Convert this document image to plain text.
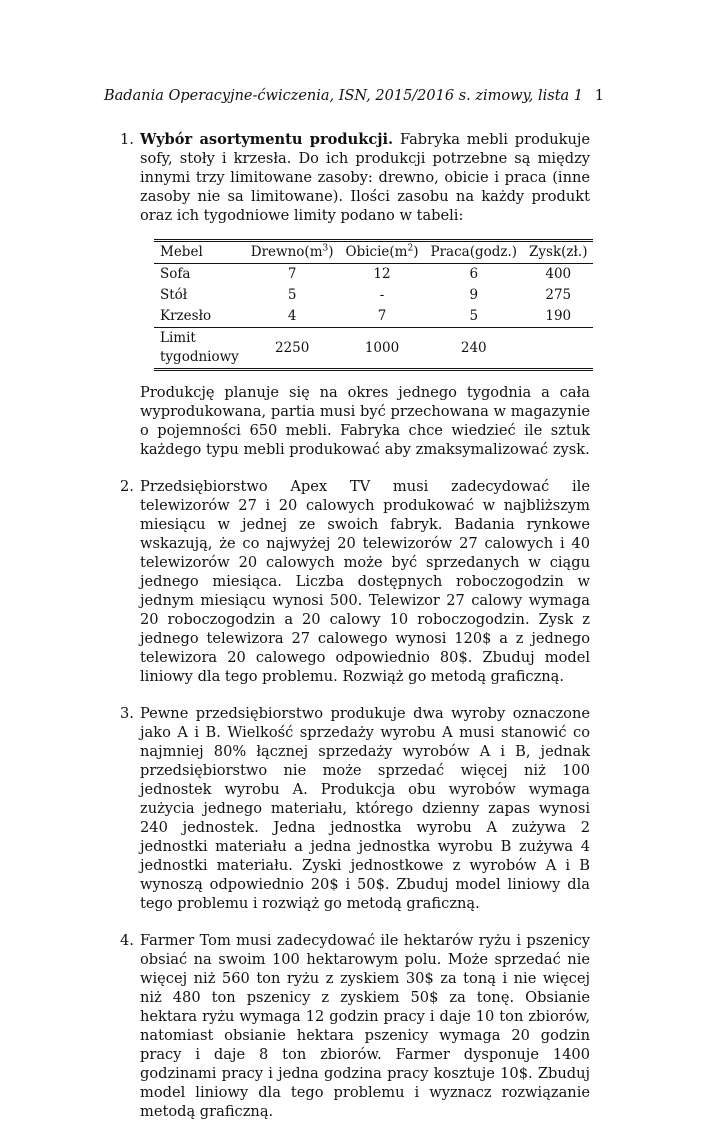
Badania Operacyjne-ćwiczenia, ISN, 2015/2016 s. zimowy, lista 1 1
1. Wybór asortymentu produkcji. Fabryka mebli produkuje sofy, stoły i krzesła. Do ich produkcji potrzebne są między innymi trzy limitowane zasoby: drewno, obicie i praca (inne zasoby nie sa limitowane). Ilości zasobu na każdy produkt oraz ich tygodniowe limity podano w tabeli:

Mebel	$Drewno(m^3)$	$Obicie(m^2)$	Praca(godz.)	Zysk(zł.)
Sofa	7	12	6	400
Stół	5	-	9	275
Krzesło	4	7	5	190
Limit tygodniowy	2250	1000	240	

Produkcję planuje się na okres jednego tygodnia a cała wyprodukowana, partia musi być przechowana w magazynie o pojemności 650 mebli. Fabryka chce wiedzieć ile sztuk każdego typu mebli produkować aby zmaksymalizować zysk.

2. Przedsiębiorstwo Apex TV musi zadecydować ile telewizorów 27 i 20 calowych produkować w najbliższym miesiącu w jednej ze swoich fabryk. Badania rynkowe wskazują, że co najwyżej 20 telewizorów 27 calowych i 40 telewizorów 20 calowych może być sprzedanych w ciągu jednego miesiąca. Liczba dostępnych roboczogodzin w jednym miesiącu wynosi 500. Telewizor 27 calowy wymaga 20 roboczogodzin a 20 calowy 10 roboczogodzin. Zysk z jednego telewizora 27 calowego wynosi 120$ a z jednego telewizora 20 calowego odpowiednio 80$. Zbuduj model liniowy dla tego problemu. Rozwiąż go metodą graficzną.

3. Pewne przedsiębiorstwo produkuje dwa wyroby oznaczone jako A i B. Wielkość sprzedaży wyrobu A musi stanowić co najmniej 80% łącznej sprzedaży wyrobów A i B, jednak przedsiębiorstwo nie może sprzedać więcej niż 100 jednostek wyrobu A. Produkcja obu wyrobów wymaga zużycia jednego materiału, którego dzienny zapas wynosi 240 jednostek. Jedna jednostka wyrobu A zużywa 2 jednostki materiału a jedna jednostka wyrobu B zużywa 4 jednostki materiału. Zyski jednostkowe z wyrobów A i B wynoszą odpowiednio 20$ i 50$. Zbuduj model liniowy dla tego problemu i rozwiąż go metodą graficzną.

4. Farmer Tom musi zadecydować ile hektarów ryżu i pszenicy obsiać na swoim 100 hektarowym polu. Może sprzedać nie więcej niż 560 ton ryżu z zyskiem 30$ za toną i nie więcej niż 480 ton pszenicy z zyskiem 50$ za tonę. Obsianie hektara ryżu wymaga 12 godzin pracy i daje 10 ton zbiorów, natomiast obsianie hektara pszenicy wymaga 20 godzin pracy i daje 8 ton zbiorów. Farmer dysponuje 1400 godzinami pracy i jedna godzina pracy kosztuje 10$. Zbuduj model liniowy dla tego problemu i wyznacz rozwiązanie metodą graficzną.
